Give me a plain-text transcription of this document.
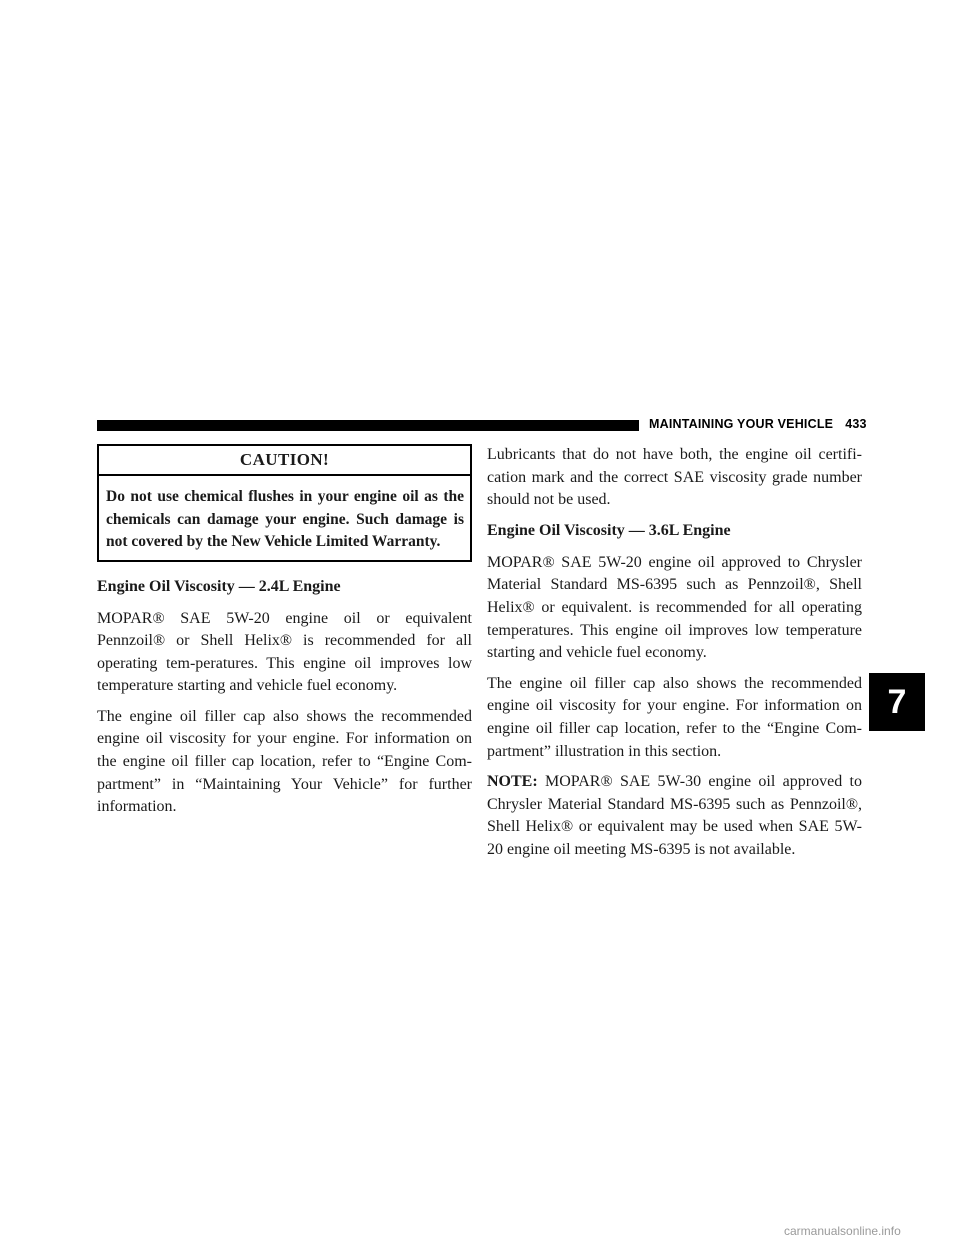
MAINTAINING YOUR VEHICLE 433
CAUTION!
Do not use chemical flushes in your engine oil as the chemicals can damage your engine. Such damage is not covered by the New Vehicle Limited Warranty.
Engine Oil Viscosity — 2.4L Engine

MOPAR® SAE 5W-20 engine oil or equivalent Pennzoil® or Shell Helix® is recommended for all operating tem-peratures. This engine oil improves low temperature starting and vehicle fuel economy.

The engine oil filler cap also shows the recommended engine oil viscosity for your engine. For information on the engine oil filler cap location, refer to “Engine Com-partment” in “Maintaining Your Vehicle” for further information.

Lubricants that do not have both, the engine oil certifi-cation mark and the correct SAE viscosity grade number should not be used.

Engine Oil Viscosity — 3.6L Engine

MOPAR® SAE 5W-20 engine oil approved to Chrysler Material Standard MS-6395 such as Pennzoil®, Shell Helix® or equivalent. is recommended for all operating temperatures. This engine oil improves low temperature starting and vehicle fuel economy.

The engine oil filler cap also shows the recommended engine oil viscosity for your engine. For information on engine oil filler cap location, refer to the “Engine Com-partment” illustration in this section.

NOTE: MOPAR® SAE 5W-30 engine oil approved to Chrysler Material Standard MS-6395 such as Pennzoil®, Shell Helix® or equivalent may be used when SAE 5W-20 engine oil meeting MS-6395 is not available.

7
carmanualsonline.info
